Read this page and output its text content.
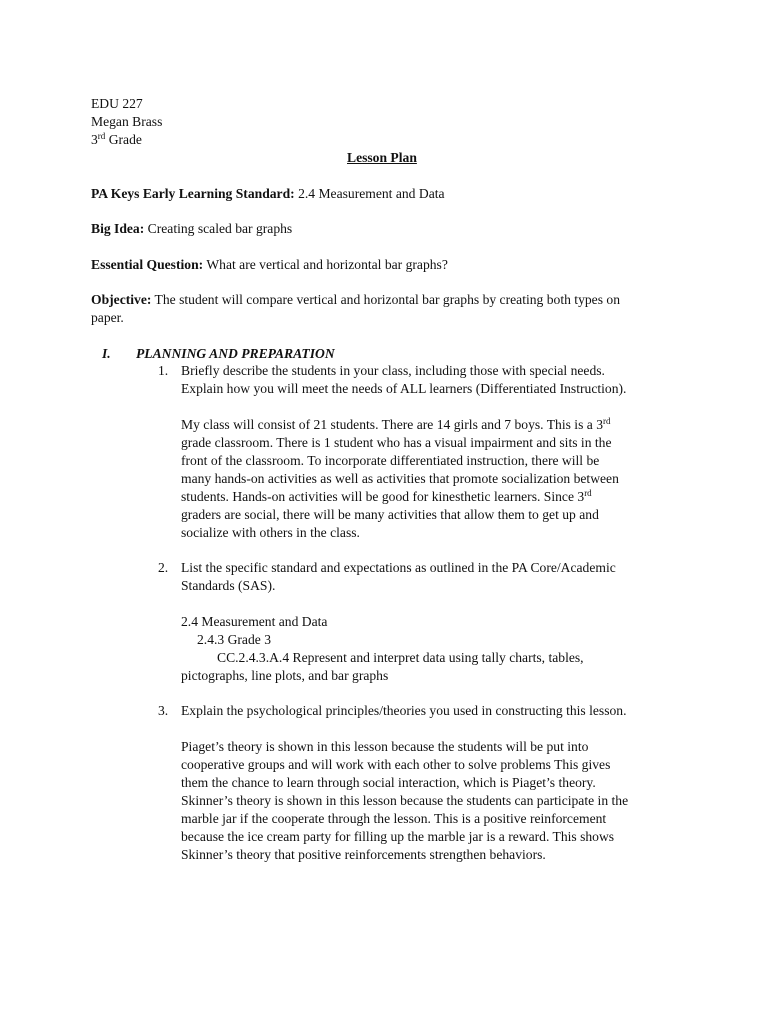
EDU 227
Megan Brass
3rd Grade
Lesson Plan
PA Keys Early Learning Standard: 2.4 Measurement and Data
Big Idea: Creating scaled bar graphs
Essential Question: What are vertical and horizontal bar graphs?
Objective: The student will compare vertical and horizontal bar graphs by creating both types on
paper.
I. PLANNING AND PREPARATION
1. Briefly describe the students in your class, including those with special needs.
Explain how you will meet the needs of ALL learners (Differentiated Instruction).
My class will consist of 21 students. There are 14 girls and 7 boys. This is a 3rd
grade classroom. There is 1 student who has a visual impairment and sits in the
front of the classroom. To incorporate differentiated instruction, there will be
many hands-on activities as well as activities that promote socialization between
students. Hands-on activities will be good for kinesthetic learners. Since 3rd
graders are social, there will be many activities that allow them to get up and
socialize with others in the class.
2. List the specific standard and expectations as outlined in the PA Core/Academic
Standards (SAS).
2.4 Measurement and Data
2.4.3 Grade 3
CC.2.4.3.A.4 Represent and interpret data using tally charts, tables,
pictographs, line plots, and bar graphs
3. Explain the psychological principles/theories you used in constructing this lesson.
Piaget’s theory is shown in this lesson because the students will be put into
cooperative groups and will work with each other to solve problems This gives
them the chance to learn through social interaction, which is Piaget’s theory.
Skinner’s theory is shown in this lesson because the students can participate in the
marble jar if the cooperate through the lesson. This is a positive reinforcement
because the ice cream party for filling up the marble jar is a reward. This shows
Skinner’s theory that positive reinforcements strengthen behaviors.
